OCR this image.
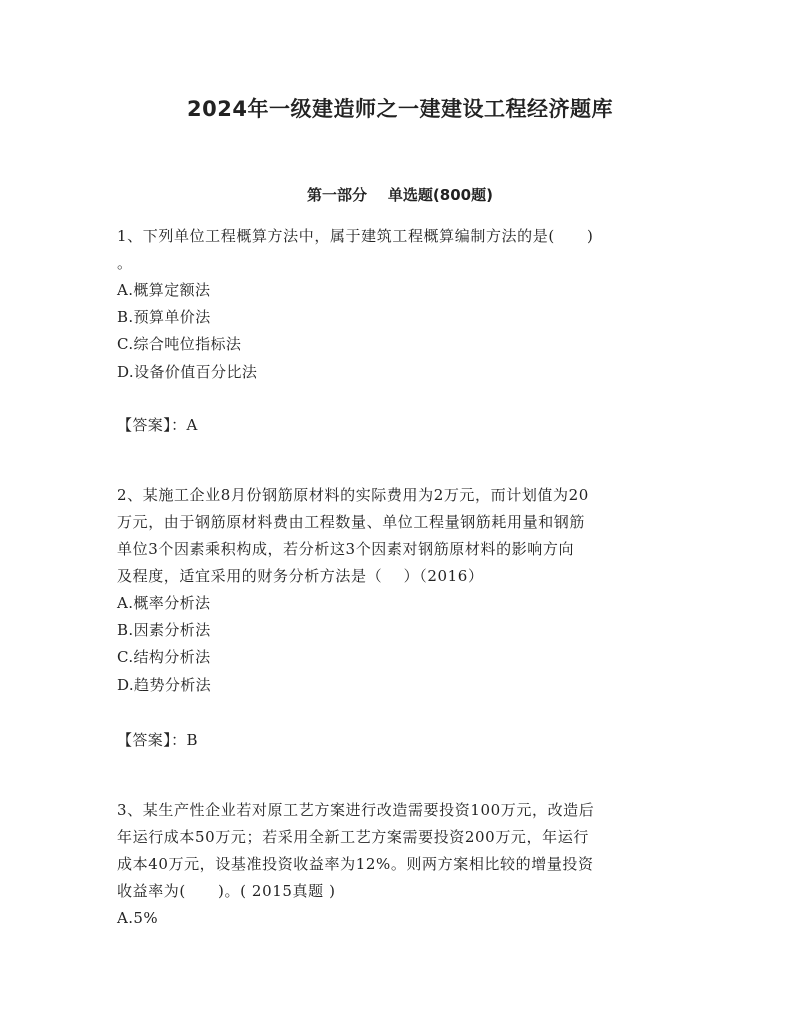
2024年一级建造师之一建建设工程经济题库
第一部分    单选题(800题)
1、下列单位工程概算方法中，属于建筑工程概算编制方法的是(      )
。
A.概算定额法
B.预算单价法
C.综合吨位指标法
D.设备价值百分比法
【答案】：A
2、某施工企业8月份钢筋原材料的实际费用为2万元，而计划值为20
万元，由于钢筋原材料费由工程数量、单位工程量钢筋耗用量和钢筋
单位3个因素乘积构成，若分析这3个因素对钢筋原材料的影响方向
及程度，适宜采用的财务分析方法是（    ）（2016）
A.概率分析法
B.因素分析法
C.结构分析法
D.趋势分析法
【答案】：B
3、某生产性企业若对原工艺方案进行改造需要投资100万元，改造后
年运行成本50万元；若采用全新工艺方案需要投资200万元，年运行
成本40万元，设基准投资收益率为12%。则两方案相比较的增量投资
收益率为(      )。( 2015真题 )
A.5%
